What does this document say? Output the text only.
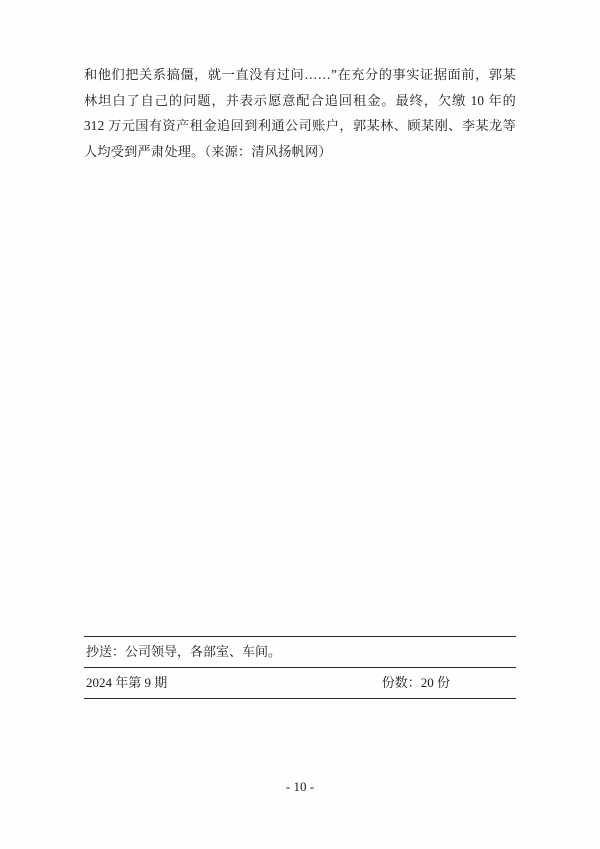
和他们把关系搞僵，就一直没有过问……”在充分的事实证据面前，郭某林坦白了自己的问题，并表示愿意配合追回租金。最终，欠缴 10 年的 312 万元国有资产租金追回到利通公司账户，郭某林、顾某刚、李某龙等人均受到严肃处理。（来源：清风扬帆网）

抄送：公司领导，各部室、车间。
2024 年第 9 期	份数：20 份
- 10 -
